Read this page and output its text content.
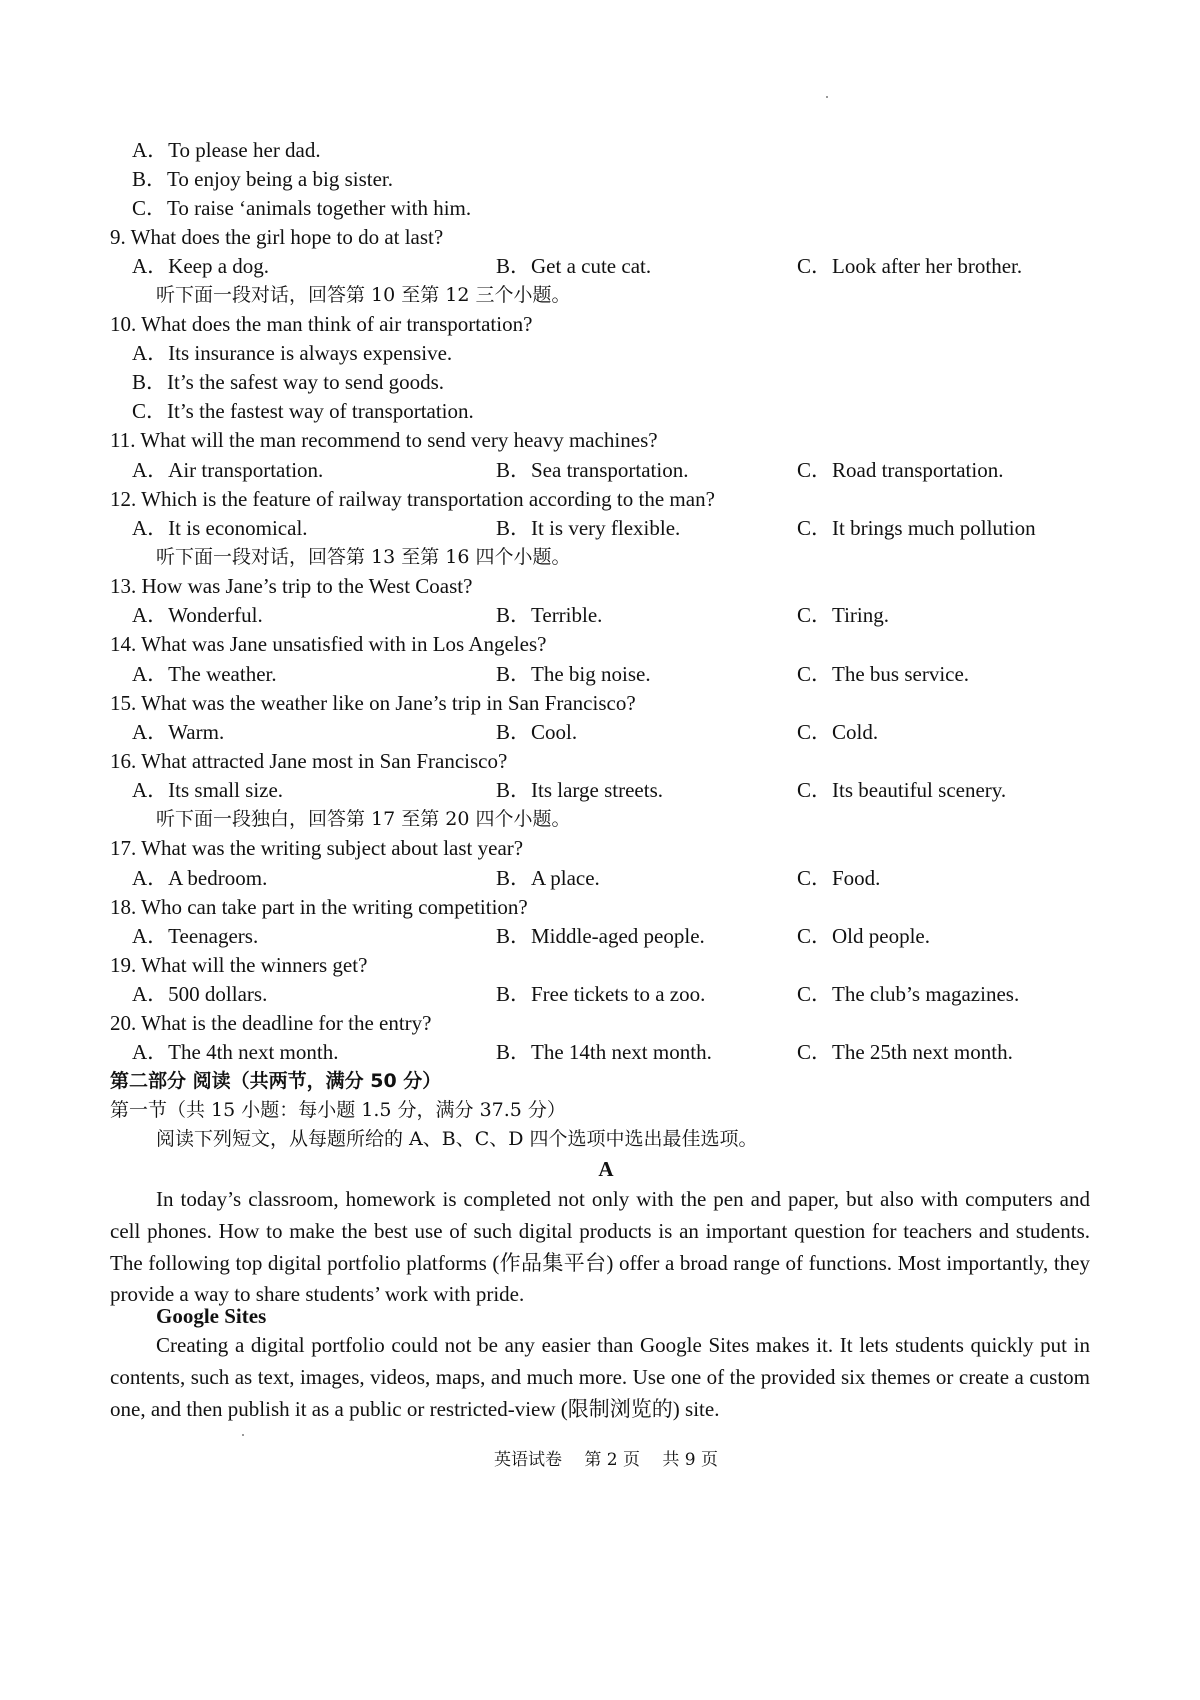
A．To please her dad.
B．To enjoy being a big sister.
C．To raise ‘animals together with him.
9. What does the girl hope to do at last?
A．Keep a dog.	B．Get a cute cat.	C．Look after her brother.
听下面一段对话，回答第 10 至第 12 三个小题。
10. What does the man think of air transportation?
A．Its insurance is always expensive.
B．It’s the safest way to send goods.
C．It’s the fastest way of transportation.
11. What will the man recommend to send very heavy machines?
A．Air transportation.	B．Sea transportation.	C．Road transportation.
12. Which is the feature of railway transportation according to the man?
A．It is economical.	B．It is very flexible.	C．It brings much pollution
听下面一段对话，回答第 13 至第 16 四个小题。
13. How was Jane’s trip to the West Coast?
A．Wonderful.	B．Terrible.	C．Tiring.
14. What was Jane unsatisfied with in Los Angeles?
A．The weather.	B．The big noise.	C．The bus service.
15. What was the weather like on Jane’s trip in San Francisco?
A．Warm.	B．Cool.	C．Cold.
16. What attracted Jane most in San Francisco?
A．Its small size.	B．Its large streets.	C．Its beautiful scenery.
听下面一段独白，回答第 17 至第 20 四个小题。
17. What was the writing subject about last year?
A．A bedroom.	B．A place.	C．Food.
18. Who can take part in the writing competition?
A．Teenagers.	B．Middle-aged people.	C．Old people.
19. What will the winners get?
A．500 dollars.	B．Free tickets to a zoo.	C．The club’s magazines.
20. What is the deadline for the entry?
A．The 4th next month.	B．The 14th next month.	C．The 25th next month.
第二部分 阅读（共两节，满分 50 分）
第一节（共 15 小题：每小题 1.5 分，满分 37.5 分）
阅读下列短文，从每题所给的 A、B、C、D 四个选项中选出最佳选项。
A

In today’s classroom, homework is completed not only with the pen and paper, but also with computers and cell phones. How to make the best use of such digital products is an important question for teachers and students. The following top digital portfolio platforms (作品集平台) offer a broad range of functions. Most importantly, they provide a way to share students’ work with pride.

Google Sites

Creating a digital portfolio could not be any easier than Google Sites makes it. It lets students quickly put in contents, such as text, images, videos, maps, and much more. Use one of the provided six themes or create a custom one, and then publish it as a public or restricted-view (限制浏览的) site.

英语试卷　 第 2 页　 共 9 页
